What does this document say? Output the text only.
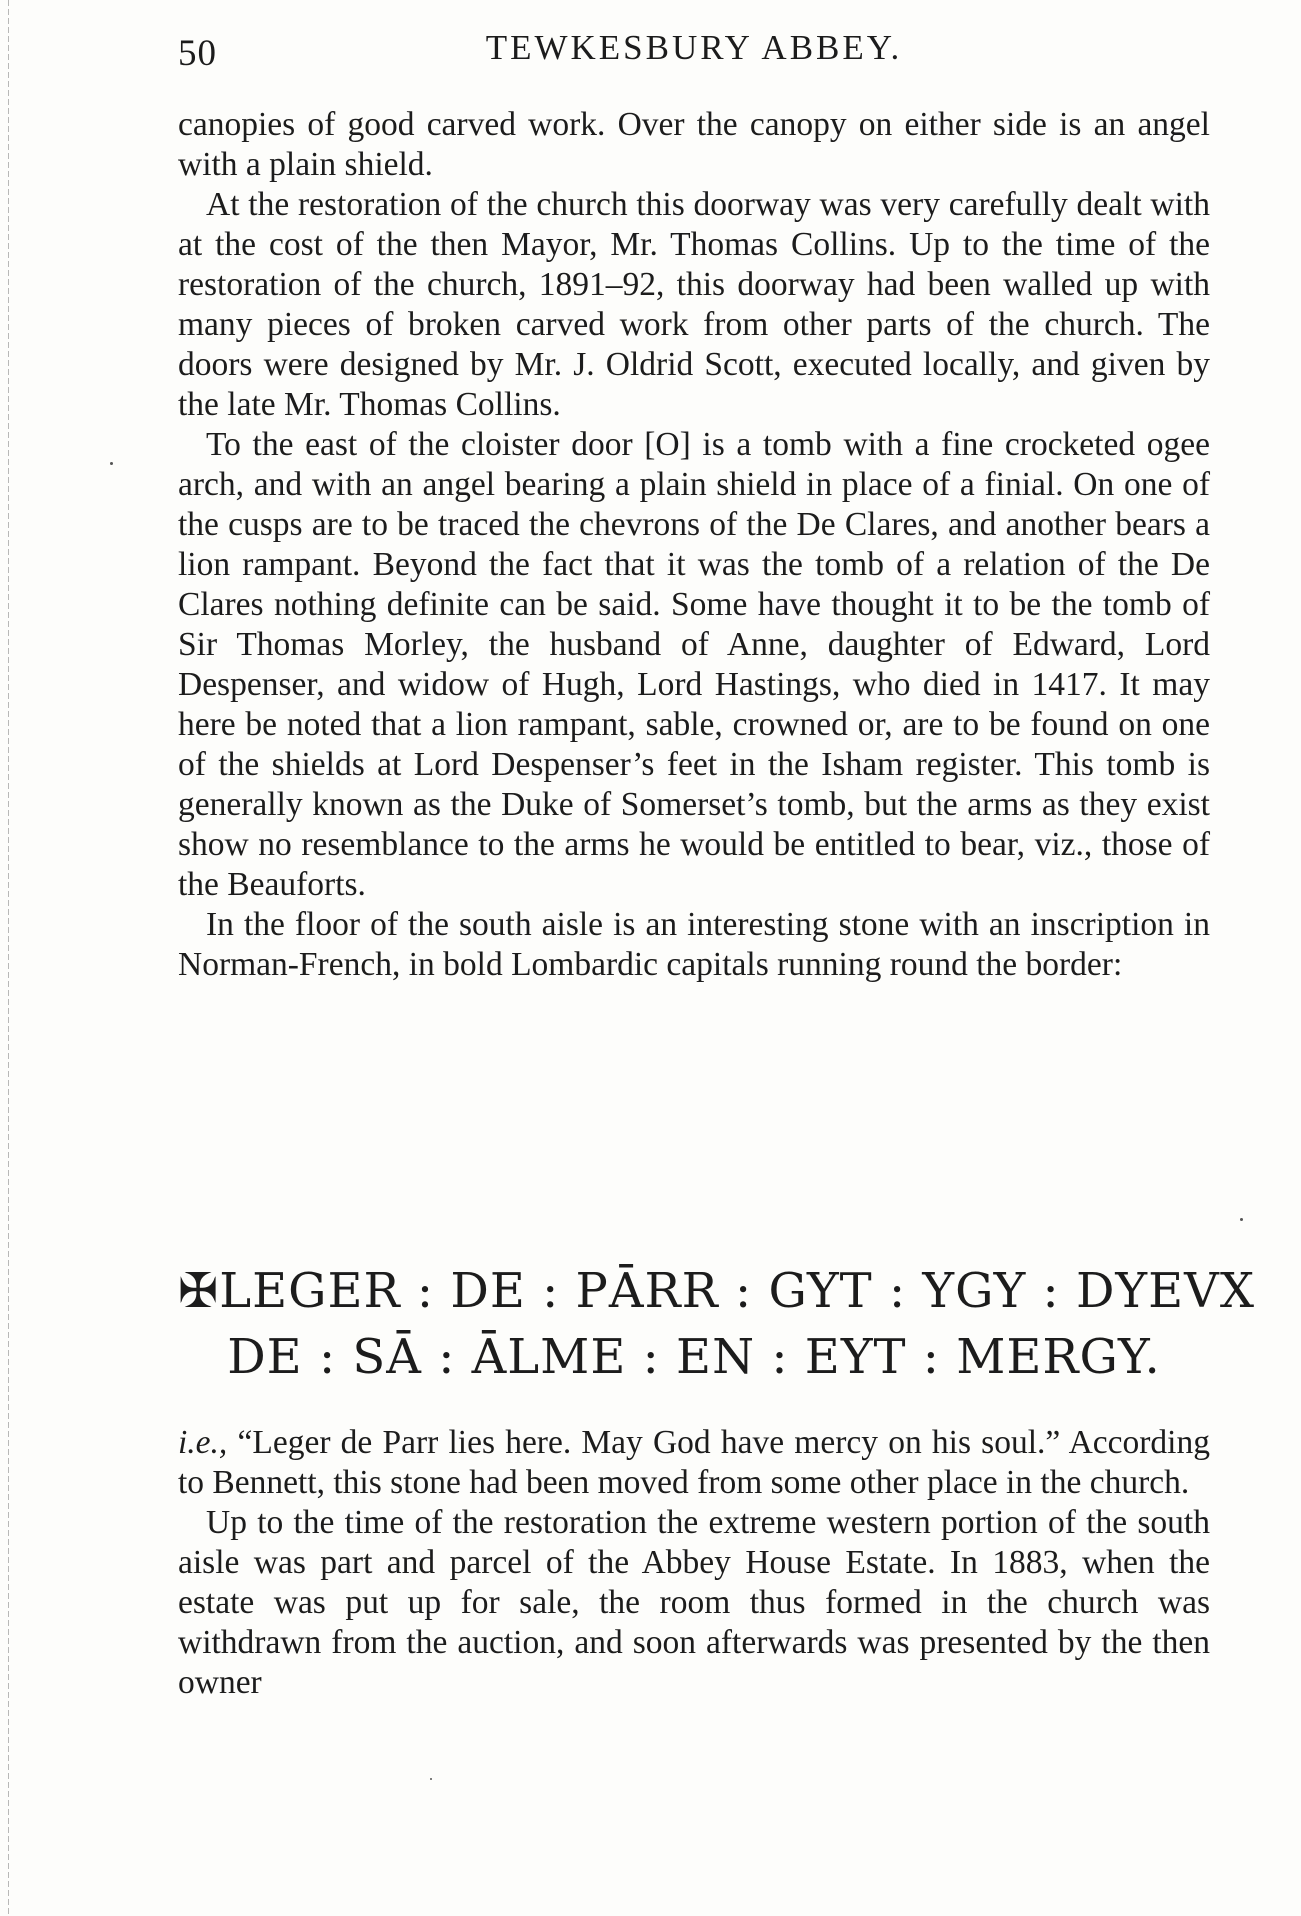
50	TEWKESBURY ABBEY.

canopies of good carved work. Over the canopy on either side is an angel with a plain shield.

At the restoration of the church this doorway was very carefully dealt with at the cost of the then Mayor, Mr. Thomas Collins. Up to the time of the restoration of the church, 1891–92, this doorway had been walled up with many pieces of broken carved work from other parts of the church. The doors were designed by Mr. J. Oldrid Scott, executed locally, and given by the late Mr. Thomas Collins.

To the east of the cloister door [O] is a tomb with a fine crocketed ogee arch, and with an angel bearing a plain shield in place of a finial. On one of the cusps are to be traced the chevrons of the De Clares, and another bears a lion rampant. Beyond the fact that it was the tomb of a relation of the De Clares nothing definite can be said. Some have thought it to be the tomb of Sir Thomas Morley, the husband of Anne, daughter of Edward, Lord Despenser, and widow of Hugh, Lord Hastings, who died in 1417. It may here be noted that a lion rampant, sable, crowned or, are to be found on one of the shields at Lord Despenser’s feet in the Isham register. This tomb is generally known as the Duke of Somerset’s tomb, but the arms as they exist show no resemblance to the arms he would be entitled to bear, viz., those of the Beauforts.

In the floor of the south aisle is an interesting stone with an inscription in Norman-French, in bold Lombardic capitals running round the border:

✠LEGER : DE : PĀRR : GYT : YGY : DYEVX
DE : SĀ : ĀLME : EN : EYT : MERGY.

i.e., “Leger de Parr lies here. May God have mercy on his soul.” According to Bennett, this stone had been moved from some other place in the church.

Up to the time of the restoration the extreme western portion of the south aisle was part and parcel of the Abbey House Estate. In 1883, when the estate was put up for sale, the room thus formed in the church was withdrawn from the auction, and soon afterwards was presented by the then owner
